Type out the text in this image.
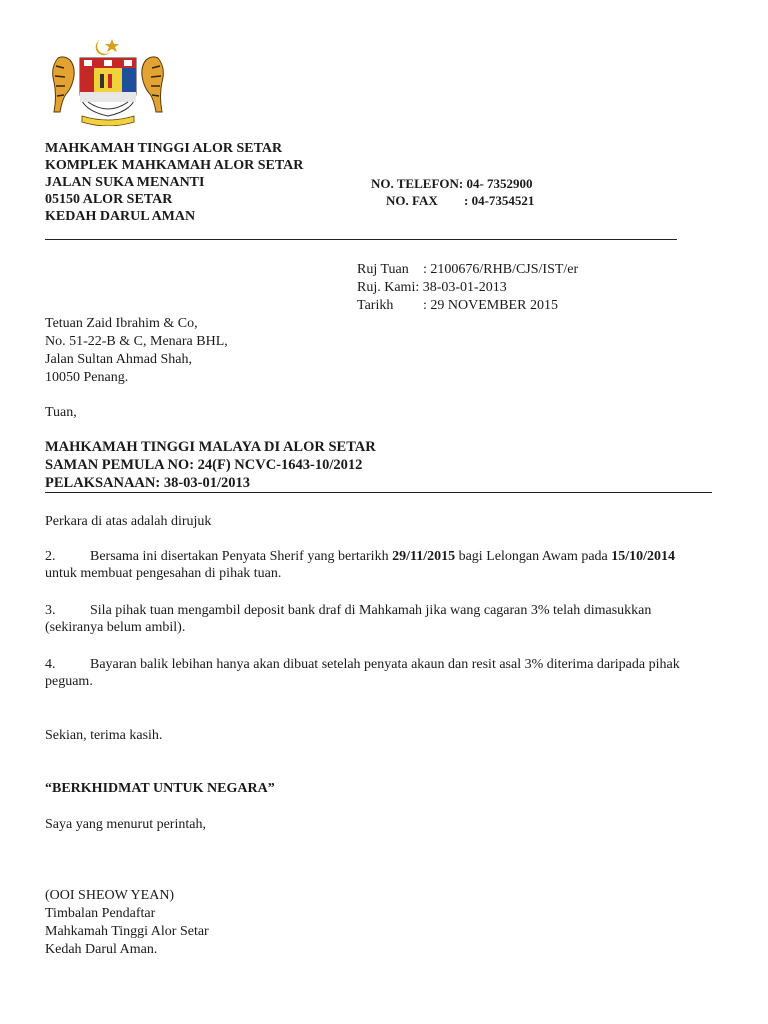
MAHKAMAH TINGGI ALOR SETAR
KOMPLEK MAHKAMAH ALOR SETAR
JALAN SUKA MENANTI
05150 ALOR SETAR
KEDAH DARUL AMAN
NO. TELEFON: 04- 7352900
NO. FAX : 04-7354521
Ruj Tuan : 2100676/RHB/CJS/IST/er
Ruj. Kami: 38-03-01-2013
Tarikh : 29 NOVEMBER 2015
Tetuan Zaid Ibrahim & Co,
No. 51-22-B & C, Menara BHL,
Jalan Sultan Ahmad Shah,
10050 Penang.
Tuan,
MAHKAMAH TINGGI MALAYA DI ALOR SETAR
SAMAN PEMULA NO: 24(F) NCVC-1643-10/2012
PELAKSANAAN: 38-03-01/2013
Perkara di atas adalah dirujuk
2. Bersama ini disertakan Penyata Sherif yang bertarikh 29/11/2015 bagi Lelongan Awam pada 15/10/2014 untuk membuat pengesahan di pihak tuan.
3. Sila pihak tuan mengambil deposit bank draf di Mahkamah jika wang cagaran 3% telah dimasukkan (sekiranya belum ambil).
4. Bayaran balik lebihan hanya akan dibuat setelah penyata akaun dan resit asal 3% diterima daripada pihak peguam.
Sekian, terima kasih.
“BERKHIDMAT UNTUK NEGARA”
Saya yang menurut perintah,
(OOI SHEOW YEAN)
Timbalan Pendaftar
Mahkamah Tinggi Alor Setar
Kedah Darul Aman.
